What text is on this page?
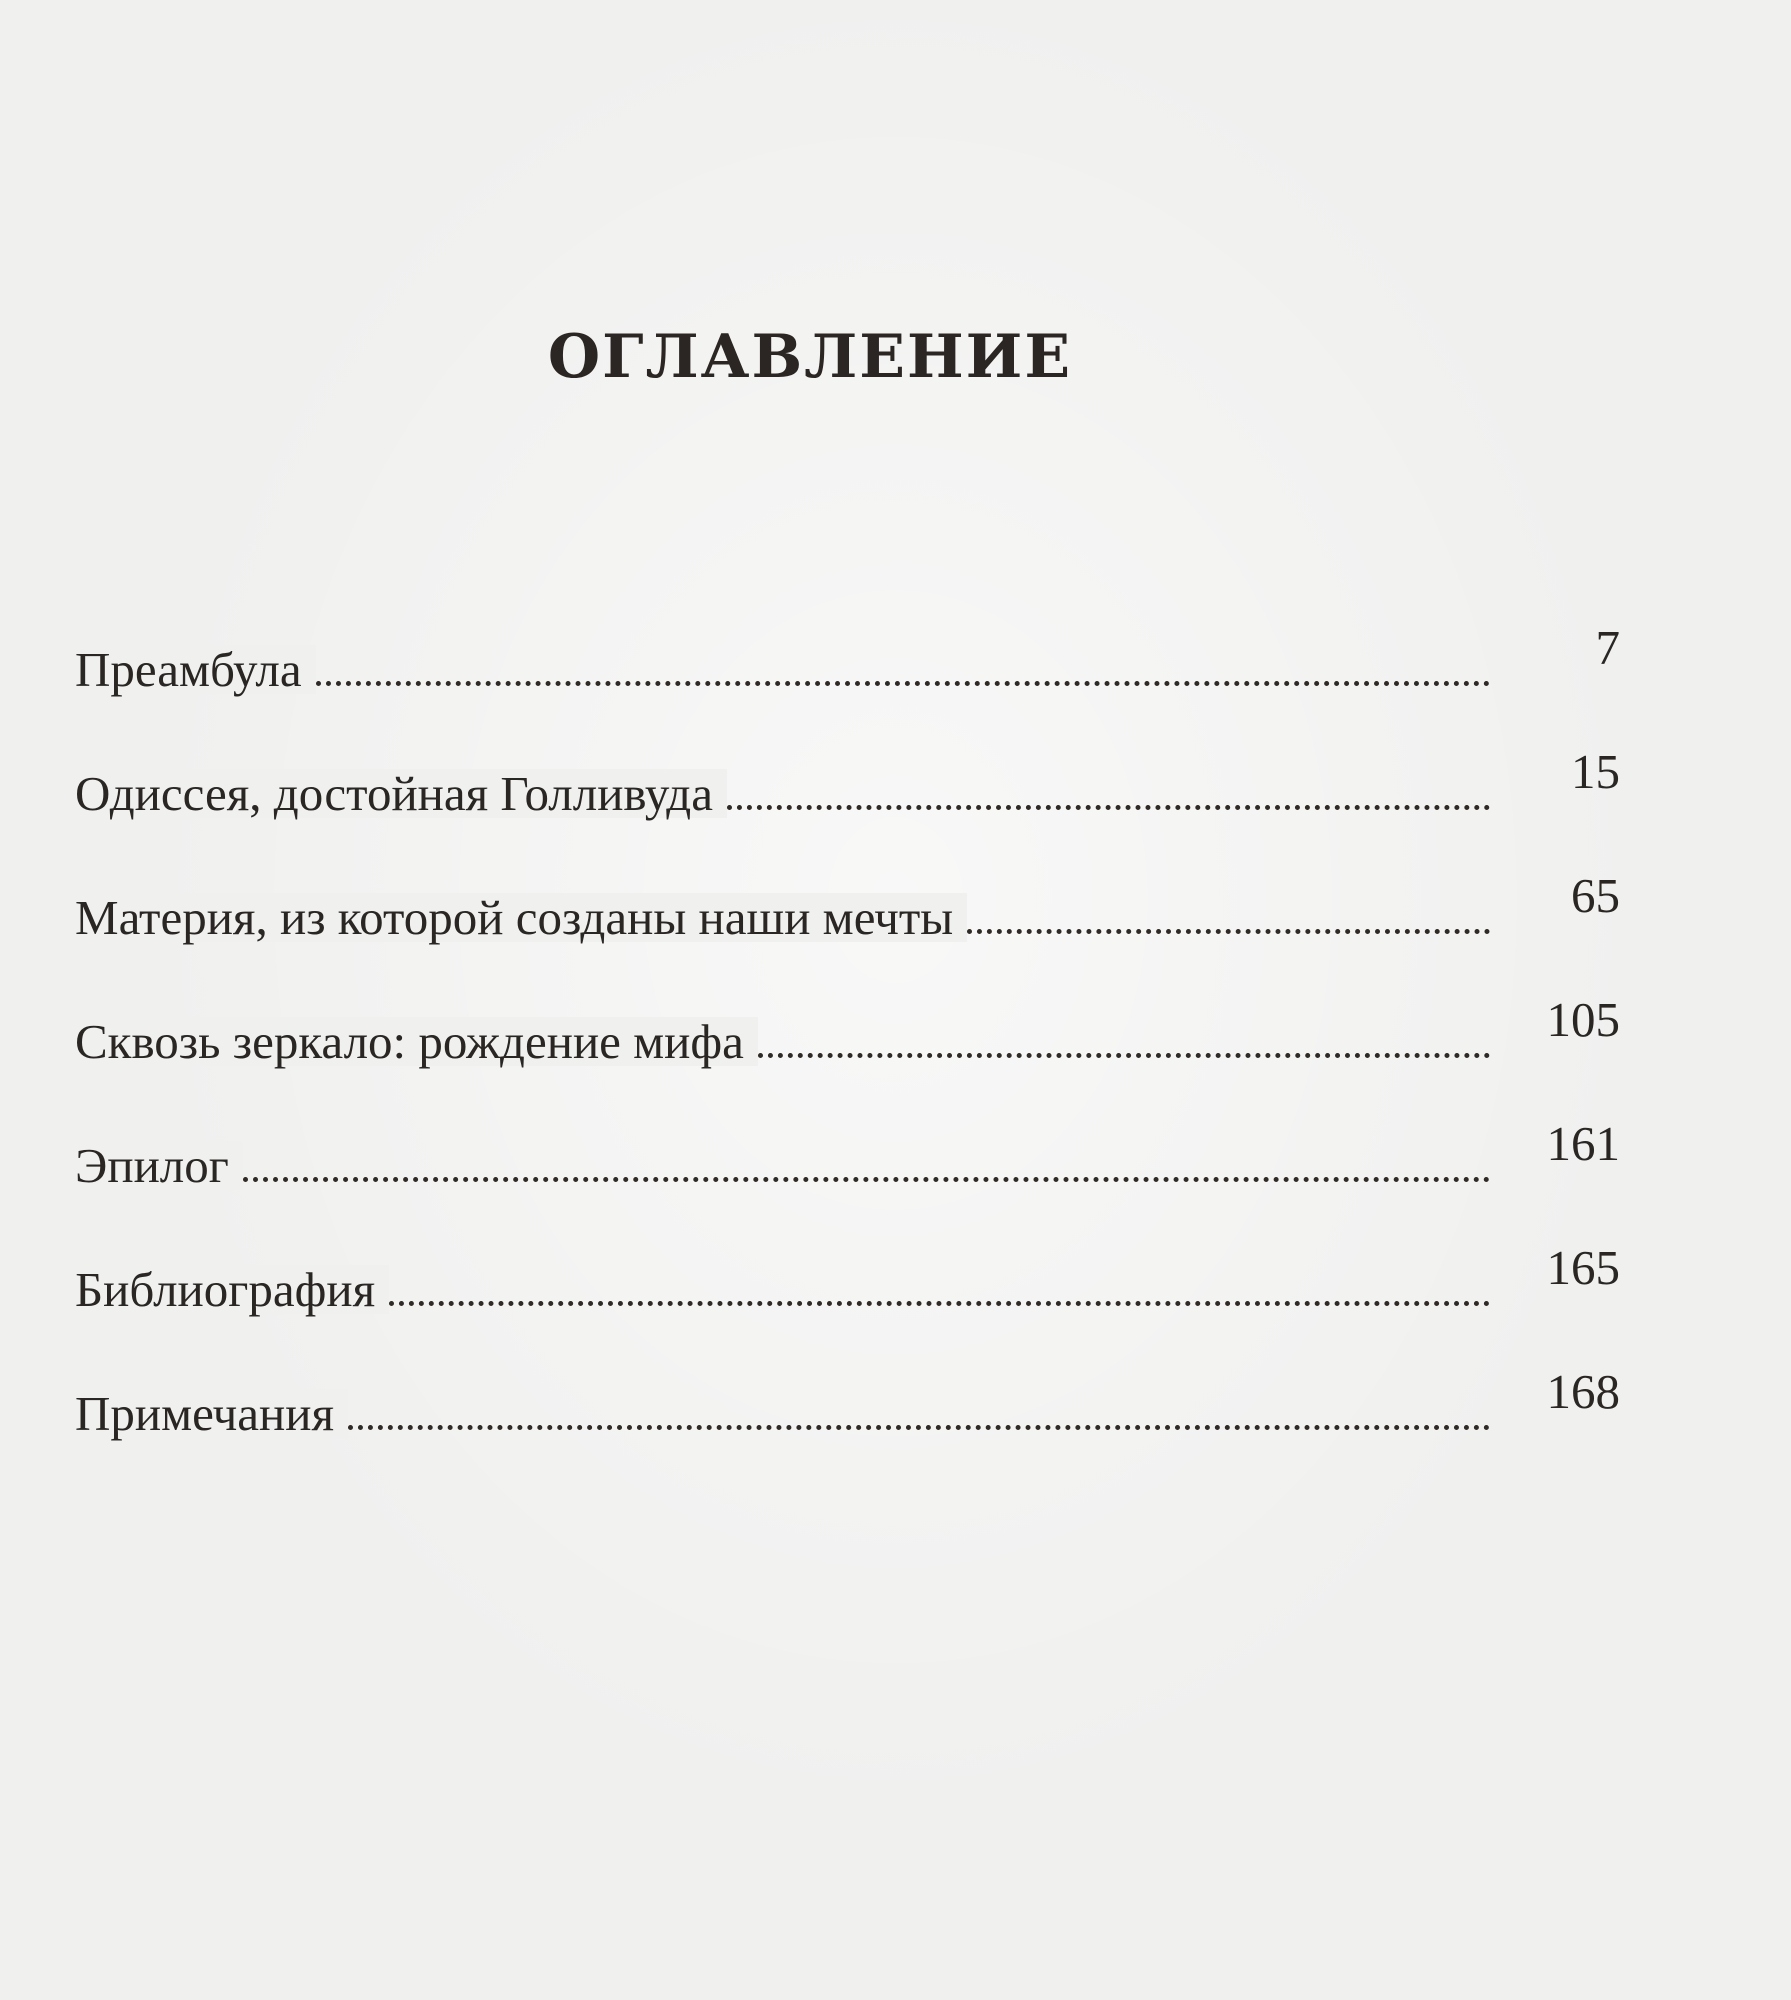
ОГЛАВЛЕНИЕ
Преамбула	7
Одиссея, достойная Голливуда	15
Материя, из которой созданы наши мечты	65
Сквозь зеркало: рождение мифа	105
Эпилог	161
Библиография	165
Примечания	168
